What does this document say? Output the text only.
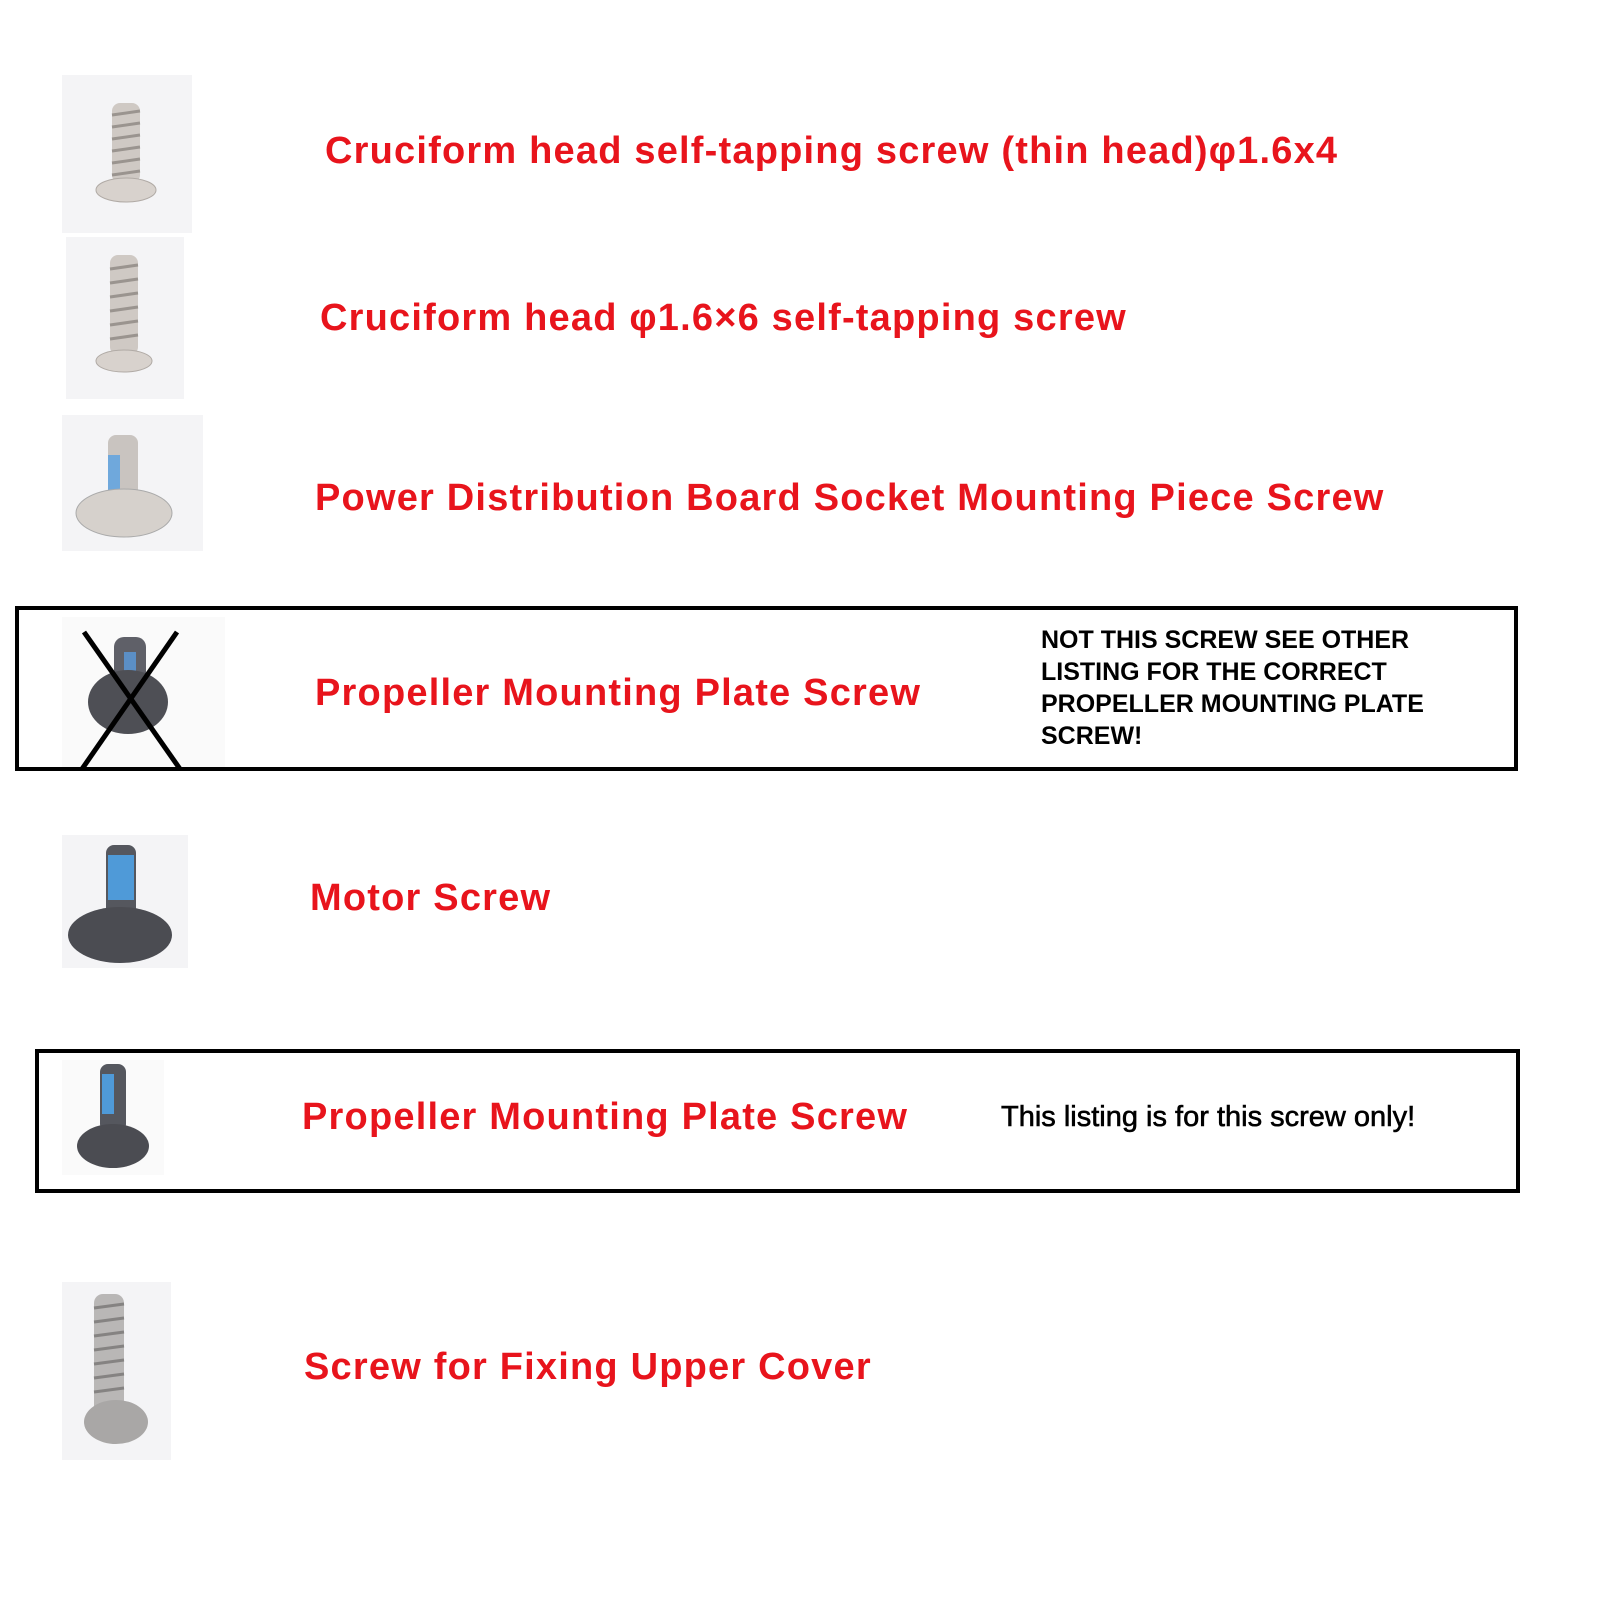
Cruciform head self-tapping screw (thin head)φ1.6x4
Cruciform head φ1.6×6 self-tapping screw
Power Distribution Board Socket Mounting Piece Screw
Propeller Mounting Plate Screw
NOT THIS SCREW SEE OTHER LISTING FOR THE CORRECT PROPELLER MOUNTING PLATE SCREW!
Motor Screw
Propeller Mounting Plate Screw	This listing is for this screw only!
Screw for Fixing Upper Cover
